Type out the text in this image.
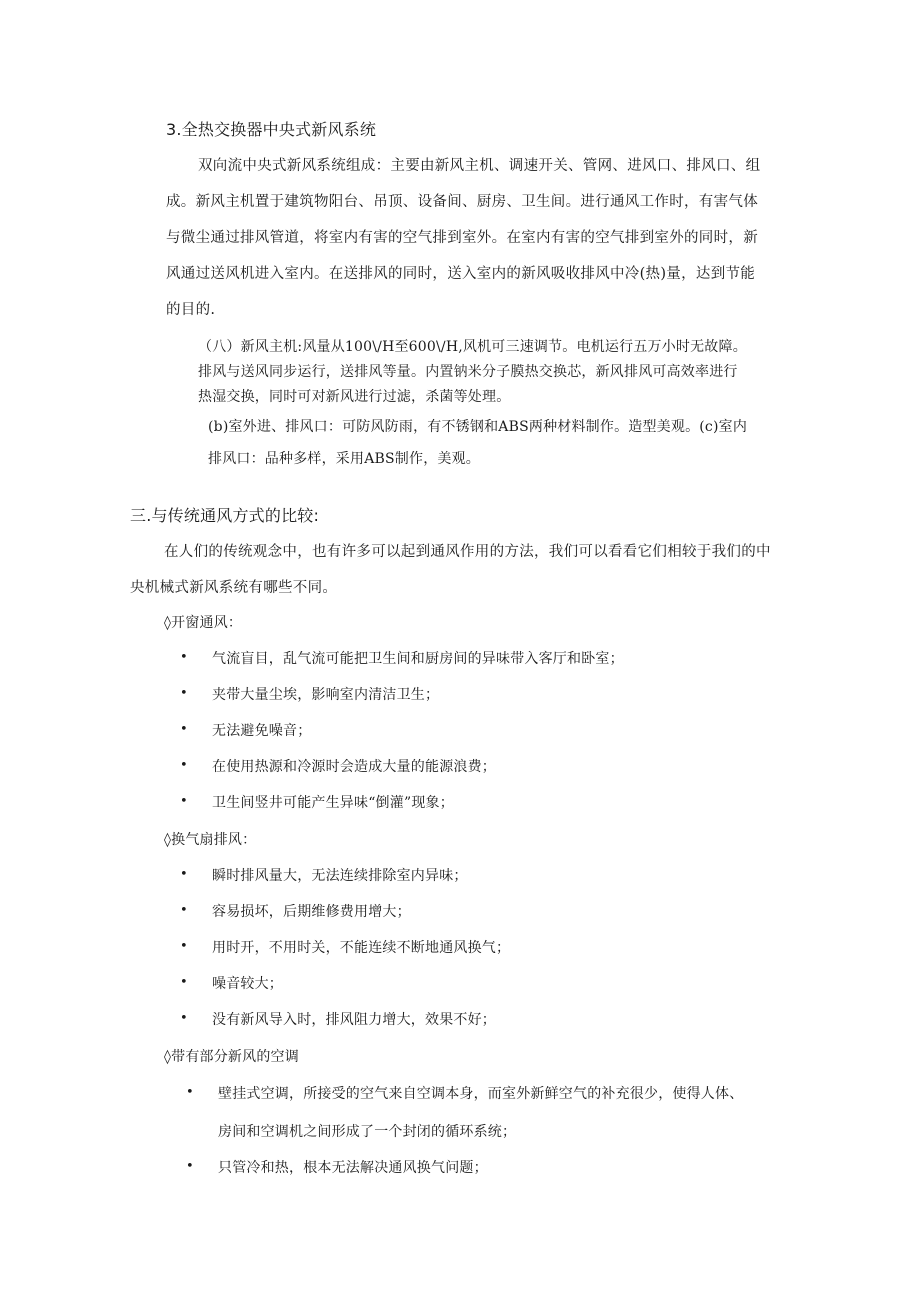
3.全热交换器中央式新风系统
双向流中央式新风系统组成：主要由新风主机、调速开关、管网、进风口、排风口、组
成。新风主机置于建筑物阳台、吊顶、设备间、厨房、卫生间。进行通风工作时，有害气体
与微尘通过排风管道，将室内有害的空气排到室外。在室内有害的空气排到室外的同时，新
风通过送风机进入室内。在送排风的同时，送入室内的新风吸收排风中冷(热)量，达到节能
的目的.
（八）新风主机:风量从100\∕H至600\∕H,风机可三速调节。电机运行五万小时无故障。
排风与送风同步运行，送排风等量。内置钠米分子膜热交换芯，新风排风可高效率进行
热湿交换，同时可对新风进行过滤，杀菌等处理。
(b)室外进、排风口：可防风防雨，有不锈钢和ABS两种材料制作。造型美观。(c)室内
排风口：品种多样，采用ABS制作，美观。
三.与传统通风方式的比较:
在人们的传统观念中，也有许多可以起到通风作用的方法，我们可以看看它们相较于我们的中
央机械式新风系统有哪些不同。
◊开窗通风：
• 气流盲目，乱气流可能把卫生间和厨房间的异味带入客厅和卧室；
• 夹带大量尘埃，影响室内清洁卫生；
• 无法避免噪音；
• 在使用热源和冷源时会造成大量的能源浪费；
• 卫生间竖井可能产生异味“倒灌”现象；
◊换气扇排风：
• 瞬时排风量大，无法连续排除室内异味；
• 容易损坏，后期维修费用增大；
• 用时开，不用时关，不能连续不断地通风换气；
• 噪音较大；
• 没有新风导入时，排风阻力增大，效果不好；
◊带有部分新风的空调
• 壁挂式空调，所接受的空气来自空调本身，而室外新鲜空气的补充很少，使得人体、
房间和空调机之间形成了一个封闭的循环系统；
• 只管冷和热，根本无法解决通风换气问题；
